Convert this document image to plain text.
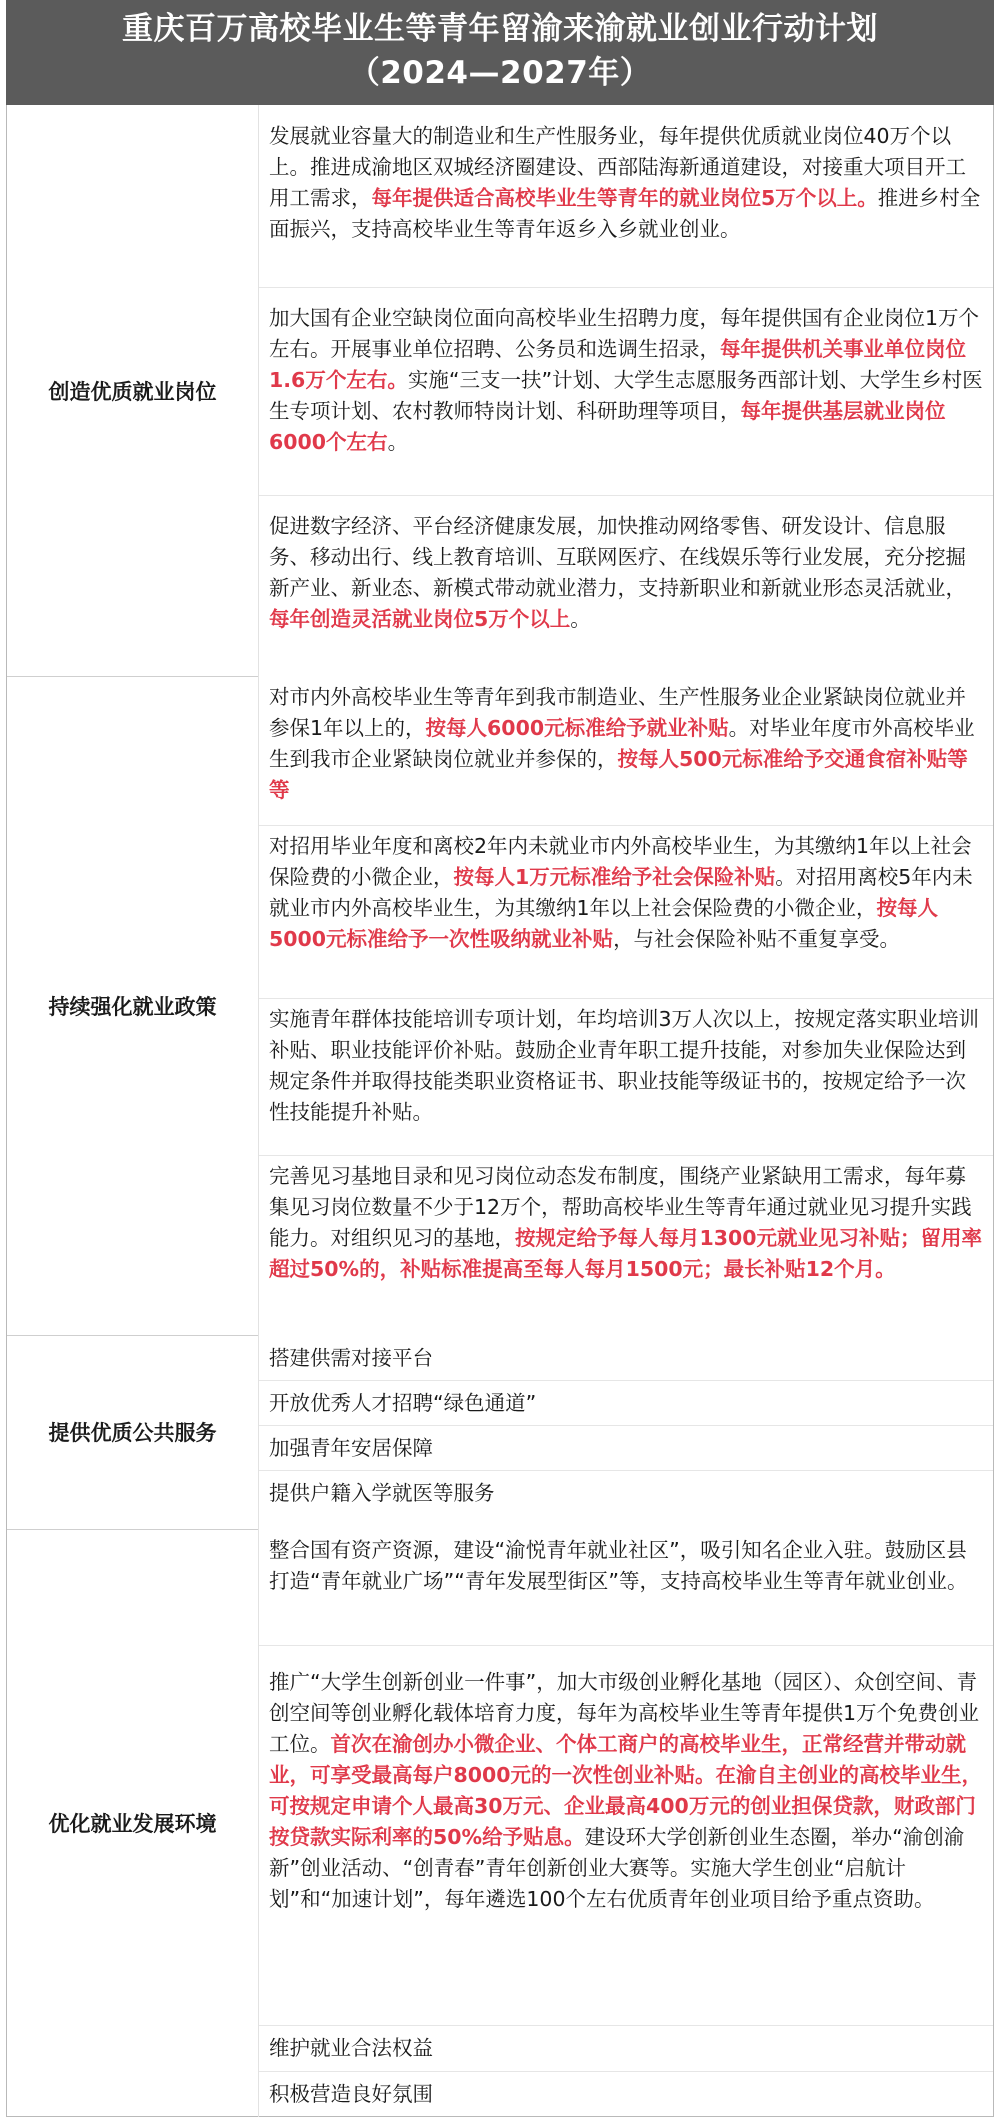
重庆百万高校毕业生等青年留渝来渝就业创业行动计划
（2024—2027年）
创造优质就业岗位
发展就业容量大的制造业和生产性服务业，每年提供优质就业岗位40万个以上。推进成渝地区双城经济圈建设、西部陆海新通道建设，对接重大项目开工用工需求，每年提供适合高校毕业生等青年的就业岗位5万个以上。推进乡村全面振兴，支持高校毕业生等青年返乡入乡就业创业。
加大国有企业空缺岗位面向高校毕业生招聘力度，每年提供国有企业岗位1万个左右。开展事业单位招聘、公务员和选调生招录，每年提供机关事业单位岗位1.6万个左右。实施“三支一扶”计划、大学生志愿服务西部计划、大学生乡村医生专项计划、农村教师特岗计划、科研助理等项目，每年提供基层就业岗位6000个左右。
促进数字经济、平台经济健康发展，加快推动网络零售、研发设计、信息服务、移动出行、线上教育培训、互联网医疗、在线娱乐等行业发展，充分挖掘新产业、新业态、新模式带动就业潜力，支持新职业和新就业形态灵活就业，每年创造灵活就业岗位5万个以上。
持续强化就业政策
对市内外高校毕业生等青年到我市制造业、生产性服务业企业紧缺岗位就业并参保1年以上的，按每人6000元标准给予就业补贴。对毕业年度市外高校毕业生到我市企业紧缺岗位就业并参保的，按每人500元标准给予交通食宿补贴等等
对招用毕业年度和离校2年内未就业市内外高校毕业生，为其缴纳1年以上社会保险费的小微企业，按每人1万元标准给予社会保险补贴。对招用离校5年内未就业市内外高校毕业生，为其缴纳1年以上社会保险费的小微企业，按每人5000元标准给予一次性吸纳就业补贴，与社会保险补贴不重复享受。
实施青年群体技能培训专项计划，年均培训3万人次以上，按规定落实职业培训补贴、职业技能评价补贴。鼓励企业青年职工提升技能，对参加失业保险达到规定条件并取得技能类职业资格证书、职业技能等级证书的，按规定给予一次性技能提升补贴。
完善见习基地目录和见习岗位动态发布制度，围绕产业紧缺用工需求，每年募集见习岗位数量不少于12万个，帮助高校毕业生等青年通过就业见习提升实践能力。对组织见习的基地，按规定给予每人每月1300元就业见习补贴；留用率超过50%的，补贴标准提高至每人每月1500元；最长补贴12个月。
提供优质公共服务
搭建供需对接平台
开放优秀人才招聘“绿色通道”
加强青年安居保障
提供户籍入学就医等服务
优化就业发展环境
整合国有资产资源，建设“渝悦青年就业社区”，吸引知名企业入驻。鼓励区县打造“青年就业广场”“青年发展型街区”等，支持高校毕业生等青年就业创业。
推广“大学生创新创业一件事”，加大市级创业孵化基地（园区）、众创空间、青创空间等创业孵化载体培育力度，每年为高校毕业生等青年提供1万个免费创业工位。首次在渝创办小微企业、个体工商户的高校毕业生，正常经营并带动就业，可享受最高每户8000元的一次性创业补贴。在渝自主创业的高校毕业生，可按规定申请个人最高30万元、企业最高400万元的创业担保贷款，财政部门按贷款实际利率的50%给予贴息。建设环大学创新创业生态圈，举办“渝创渝新”创业活动、“创青春”青年创新创业大赛等。实施大学生创业“启航计划”和“加速计划”，每年遴选100个左右优质青年创业项目给予重点资助。
维护就业合法权益
积极营造良好氛围
